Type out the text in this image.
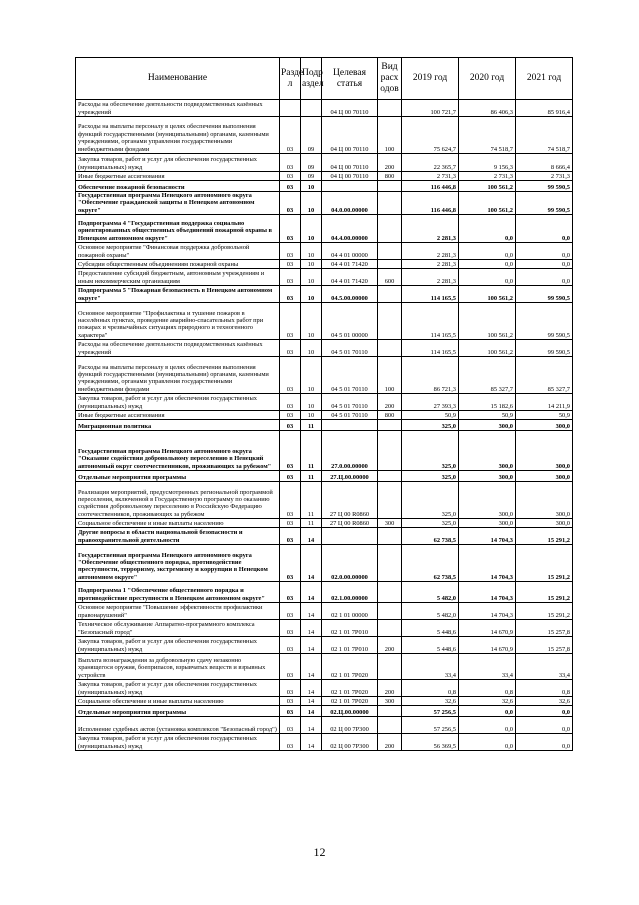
Наименование	Разде л	Подр аздел	Целевая статья	Вид расх одов	2019 год	2020 год	2021 год
Расходы на обеспечение деятельности подведомственных казённых учреждений			04 Ц 00 70110		100 721,7	86 406,3	85 916,4
Расходы на выплаты персоналу в целях обеспечения выполнения функций государственными (муниципальными) органами, казенными учреждениями, органами управления государственными внебюджетными фондами	03	09	04 Ц 00 70110	100	75 624,7	74 518,7	74 518,7
Закупка товаров, работ и услуг для обеспечения государственных (муниципальных) нужд	03	09	04 Ц 00 70110	200	22 365,7	9 156,3	8 666,4
Иные бюджетные ассигнования	03	09	04 Ц 00 70110	800	2 731,3	2 731,3	2 731,3
Обеспечение пожарной безопасности	03	10			116 446,8	100 561,2	99 590,5
Государственная программа Ненецкого автономного округа "Обеспечение гражданской защиты в Ненецком автономном округе"	03	10	04.0.00.00000		116 446,8	100 561,2	99 590,5
Подпрограмма 4 "Государственная поддержка социально ориентированных общественных объединений пожарной охраны в Ненецком автономном округе"	03	10	04.4.00.00000		2 281,3	0,0	0,0
Основное мероприятие "Финансовая поддержка добровольной пожарной охраны"	03	10	04 4 01 00000		2 281,3	0,0	0,0
Субсидии общественным объединениям пожарной охраны	03	10	04 4 01 71420		2 281,3	0,0	0,0
Предоставление субсидий бюджетным, автономным учреждениям и иным некоммерческим организациям	03	10	04 4 01 71420	600	2 281,3	0,0	0,0
Подпрограмма 5 "Пожарная безопасность в Ненецком автономном округе"	03	10	04.5.00.00000		114 165,5	100 561,2	99 590,5
Основное мероприятие "Профилактика и тушение пожаров в населённых пунктах, проведение аварийно-спасательных работ при пожарах и чрезвычайных ситуациях природного и техногенного характера"	03	10	04 5 01 00000		114 165,5	100 561,2	99 590,5
Расходы на обеспечение деятельности подведомственных казённых учреждений	03	10	04 5 01 70110		114 165,5	100 561,2	99 590,5
Расходы на выплаты персоналу в целях обеспечения выполнения функций государственными (муниципальными) органами, казенными учреждениями, органами управления государственными внебюджетными фондами	03	10	04 5 01 70110	100	86 721,3	85 327,7	85 327,7
Закупка товаров, работ и услуг для обеспечения государственных (муниципальных) нужд	03	10	04 5 01 70110	200	27 393,3	15 182,6	14 211,9
Иные бюджетные ассигнования	03	10	04 5 01 70110	800	50,9	50,9	50,9
Миграционная политика	03	11			325,0	300,0	300,0
Государственная программа Ненецкого автономного округа "Оказание содействия добровольному переселению в Ненецкий автономный округ соотечественников, проживающих за рубежом"	03	11	27.0.00.00000		325,0	300,0	300,0
Отдельные мероприятия программы	03	11	27.Ц.00.00000		325,0	300,0	300,0
Реализация мероприятий, предусмотренных региональной программой переселения, включенной в Государственную программу по оказанию содействия добровольному переселению в Российскую Федерацию соотечественников, проживающих за рубежом	03	11	27 Ц 00 R0860		325,0	300,0	300,0
Социальное обеспечение и иные выплаты населению	03	11	27 Ц 00 R0860	300	325,0	300,0	300,0
Другие вопросы в области национальной безопасности и правоохранительной деятельности	03	14			62 738,5	14 704,3	15 291,2
Государственная программа Ненецкого автономного округа "Обеспечение общественного порядка, противодействие преступности, терроризму, экстремизму и коррупции в Ненецком автономном округе"	03	14	02.0.00.00000		62 738,5	14 704,3	15 291,2
Подпрограмма 1 "Обеспечение общественного порядка и противодействие преступности в Ненецком автономном округе"	03	14	02.1.00.00000		5 482,0	14 704,3	15 291,2
Основное мероприятие "Повышение эффективности профилактики правонарушений"	03	14	02 1 01 00000		5 482,0	14 704,3	15 291,2
Техническое обслуживание Аппаратно-программного комплекса "Безопасный город"	03	14	02 1 01 7Р010		5 448,6	14 670,9	15 257,8
Закупка товаров, работ и услуг для обеспечения государственных (муниципальных) нужд	03	14	02 1 01 7Р010	200	5 448,6	14 670,9	15 257,8
Выплата вознаграждения за добровольную сдачу незаконно хранящегося оружия, боеприпасов, взрывчатых веществ и взрывных устройств	03	14	02 1 01 7Р020		33,4	33,4	33,4
Закупка товаров, работ и услуг для обеспечения государственных (муниципальных) нужд	03	14	02 1 01 7Р020	200	0,8	0,8	0,8
Социальное обеспечение и иные выплаты населению	03	14	02 1 01 7Р020	300	32,6	32,6	32,6
Отдельные мероприятия программы	03	14	02.Ц.00.00000		57 256,5	0,0	0,0
Исполнение судебных актов (установка комплексов "Безопасный город")	03	14	02 Ц 00 7Р300		57 256,5	0,0	0,0
Закупка товаров, работ и услуг для обеспечения государственных (муниципальных) нужд	03	14	02 Ц 00 7Р300	200	56 369,5	0,0	0,0
12
